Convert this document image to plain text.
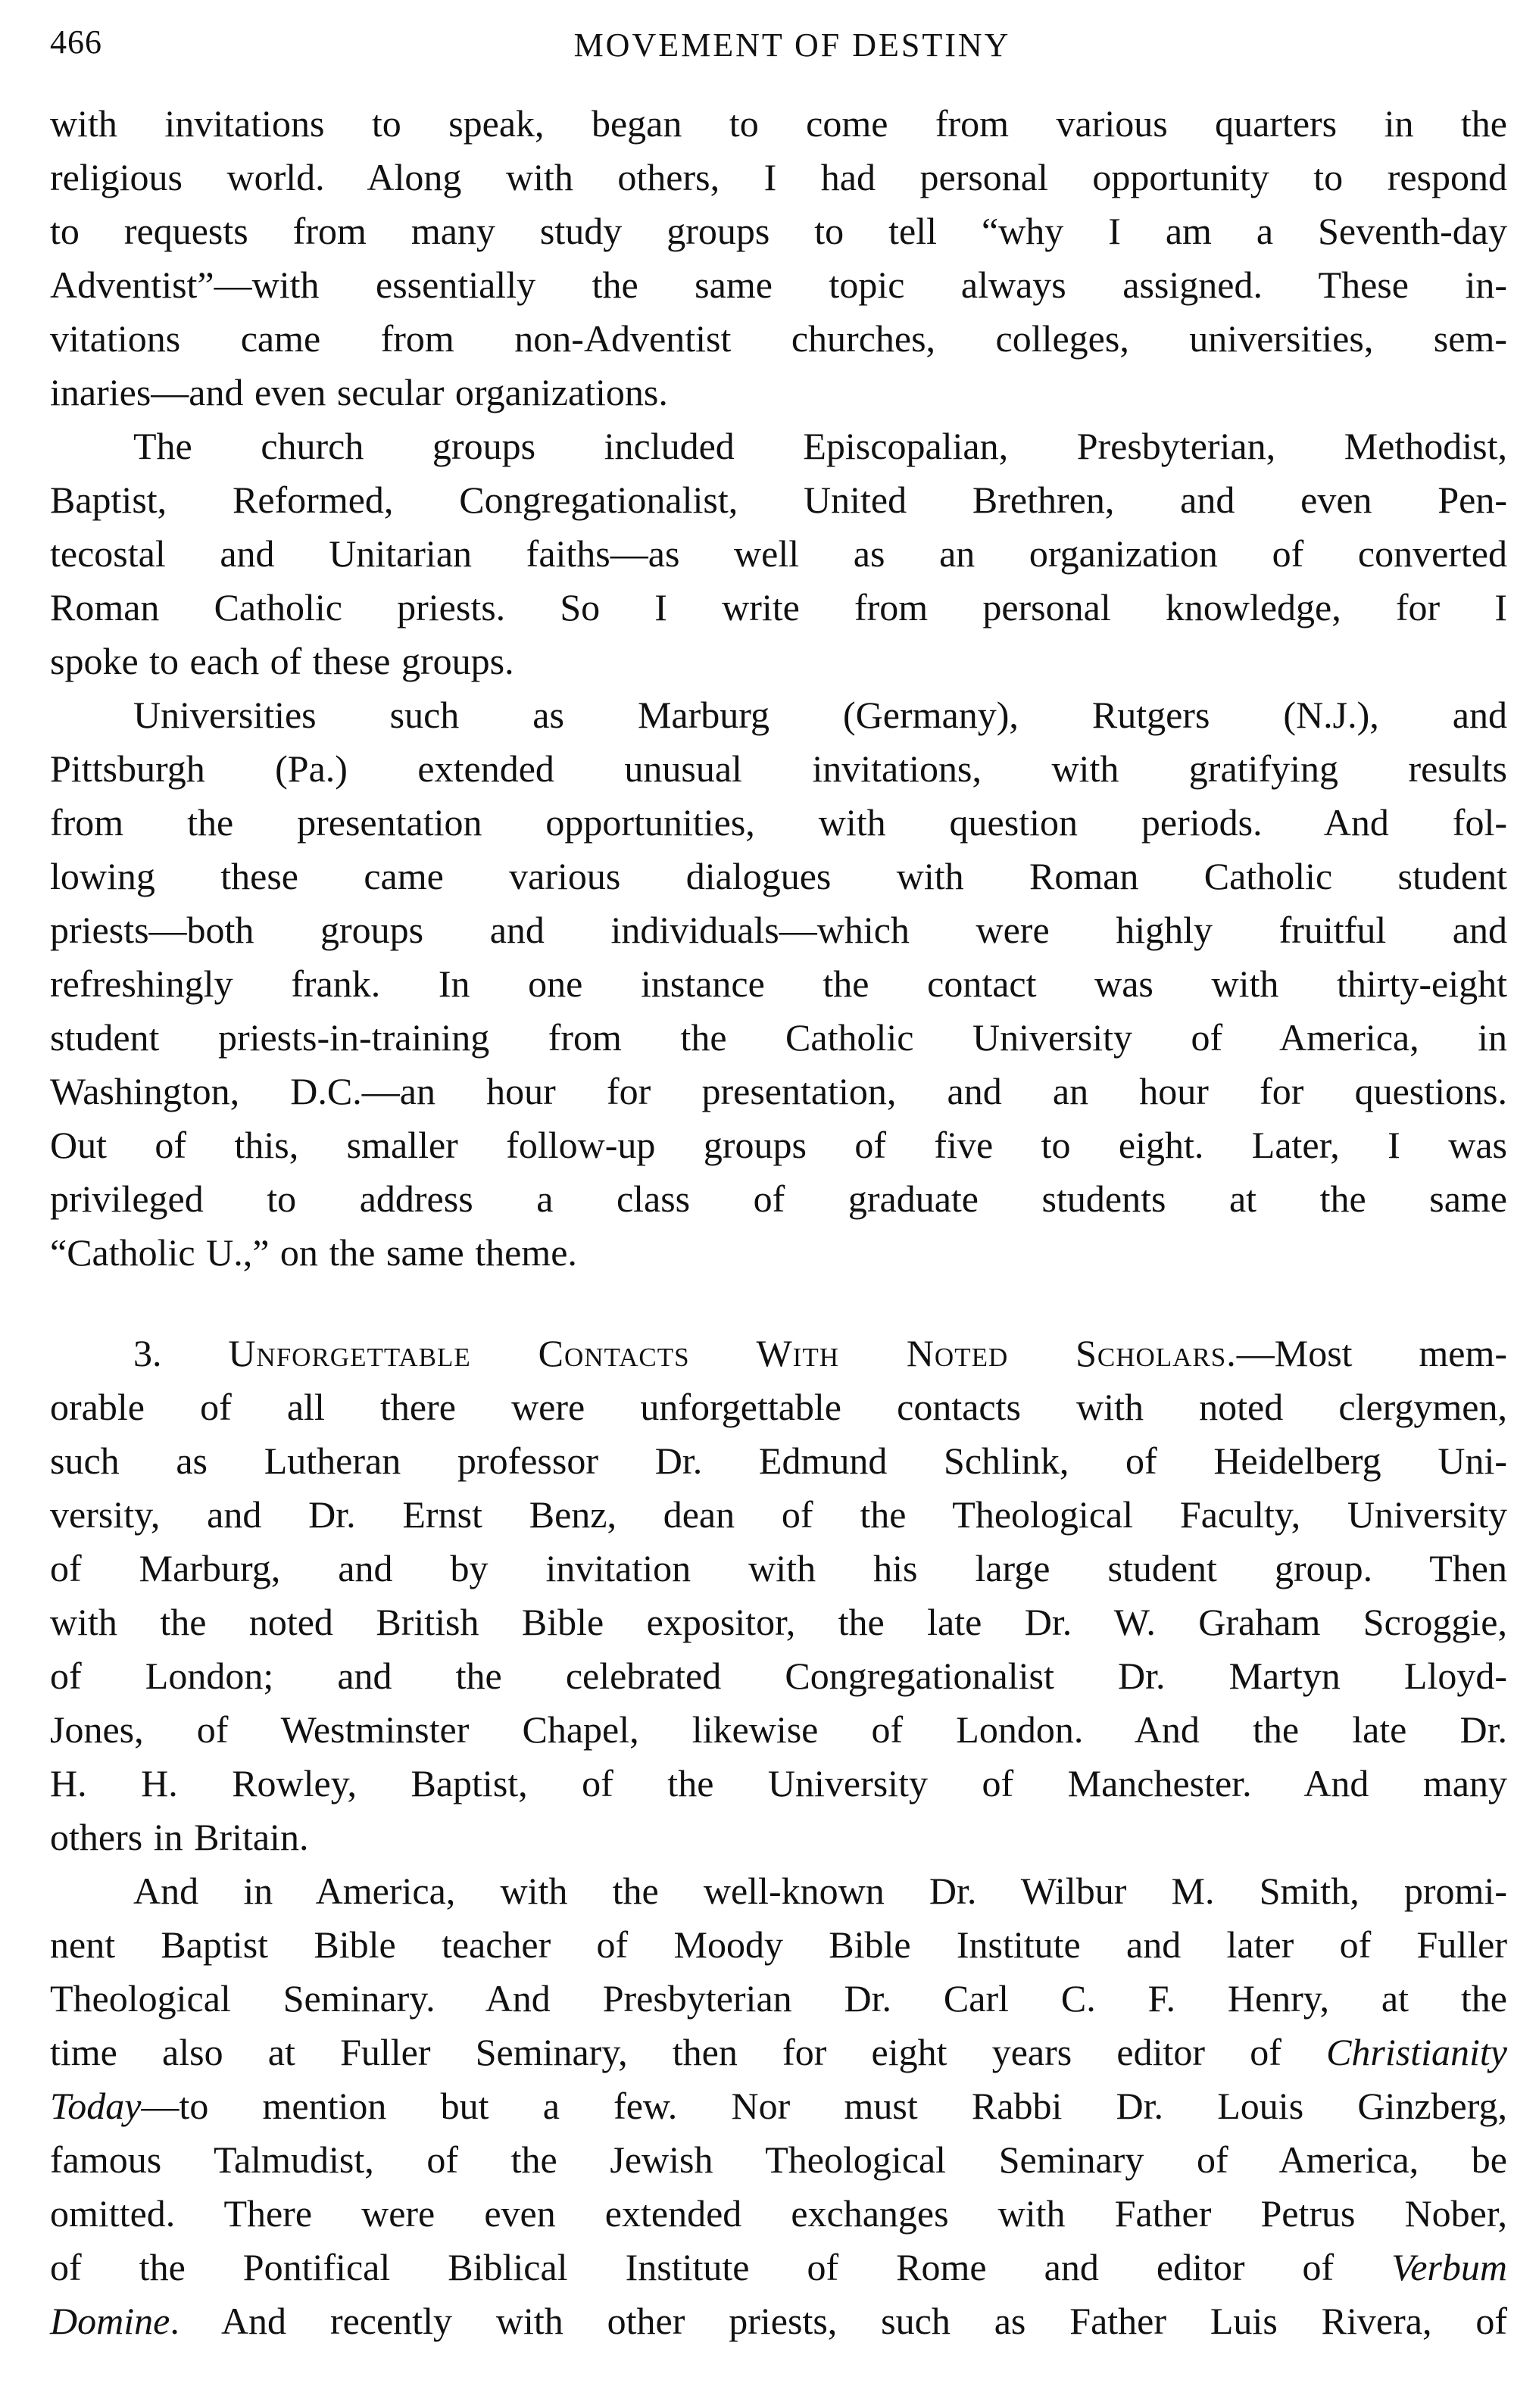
466	MOVEMENT OF DESTINY
with invitations to speak, began to come from various quarters in the
religious world. Along with others, I had personal opportunity to respond
to requests from many study groups to tell “why I am a Seventh-day
Adventist”—with essentially the same topic always assigned. These in-
vitations came from non-Adventist churches, colleges, universities, sem-
inaries—and even secular organizations.
The church groups included Episcopalian, Presbyterian, Methodist,
Baptist, Reformed, Congregationalist, United Brethren, and even Pen-
tecostal and Unitarian faiths—as well as an organization of converted
Roman Catholic priests. So I write from personal knowledge, for I
spoke to each of these groups.
Universities such as Marburg (Germany), Rutgers (N.J.), and
Pittsburgh (Pa.) extended unusual invitations, with gratifying results
from the presentation opportunities, with question periods. And fol-
lowing these came various dialogues with Roman Catholic student
priests—both groups and individuals—which were highly fruitful and
refreshingly frank. In one instance the contact was with thirty-eight
student priests-in-training from the Catholic University of America, in
Washington, D.C.—an hour for presentation, and an hour for questions.
Out of this, smaller follow-up groups of five to eight. Later, I was
privileged to address a class of graduate students at the same
“Catholic U.,” on the same theme.
3. Unforgettable Contacts With Noted Scholars.—Most mem-
orable of all there were unforgettable contacts with noted clergymen,
such as Lutheran professor Dr. Edmund Schlink, of Heidelberg Uni-
versity, and Dr. Ernst Benz, dean of the Theological Faculty, University
of Marburg, and by invitation with his large student group. Then
with the noted British Bible expositor, the late Dr. W. Graham Scroggie,
of London; and the celebrated Congregationalist Dr. Martyn Lloyd-
Jones, of Westminster Chapel, likewise of London. And the late Dr.
H. H. Rowley, Baptist, of the University of Manchester. And many
others in Britain.
And in America, with the well-known Dr. Wilbur M. Smith, promi-
nent Baptist Bible teacher of Moody Bible Institute and later of Fuller
Theological Seminary. And Presbyterian Dr. Carl C. F. Henry, at the
time also at Fuller Seminary, then for eight years editor of Christianity
Today—to mention but a few. Nor must Rabbi Dr. Louis Ginzberg,
famous Talmudist, of the Jewish Theological Seminary of America, be
omitted. There were even extended exchanges with Father Petrus Nober,
of the Pontifical Biblical Institute of Rome and editor of Verbum
Domine. And recently with other priests, such as Father Luis Rivera, of
